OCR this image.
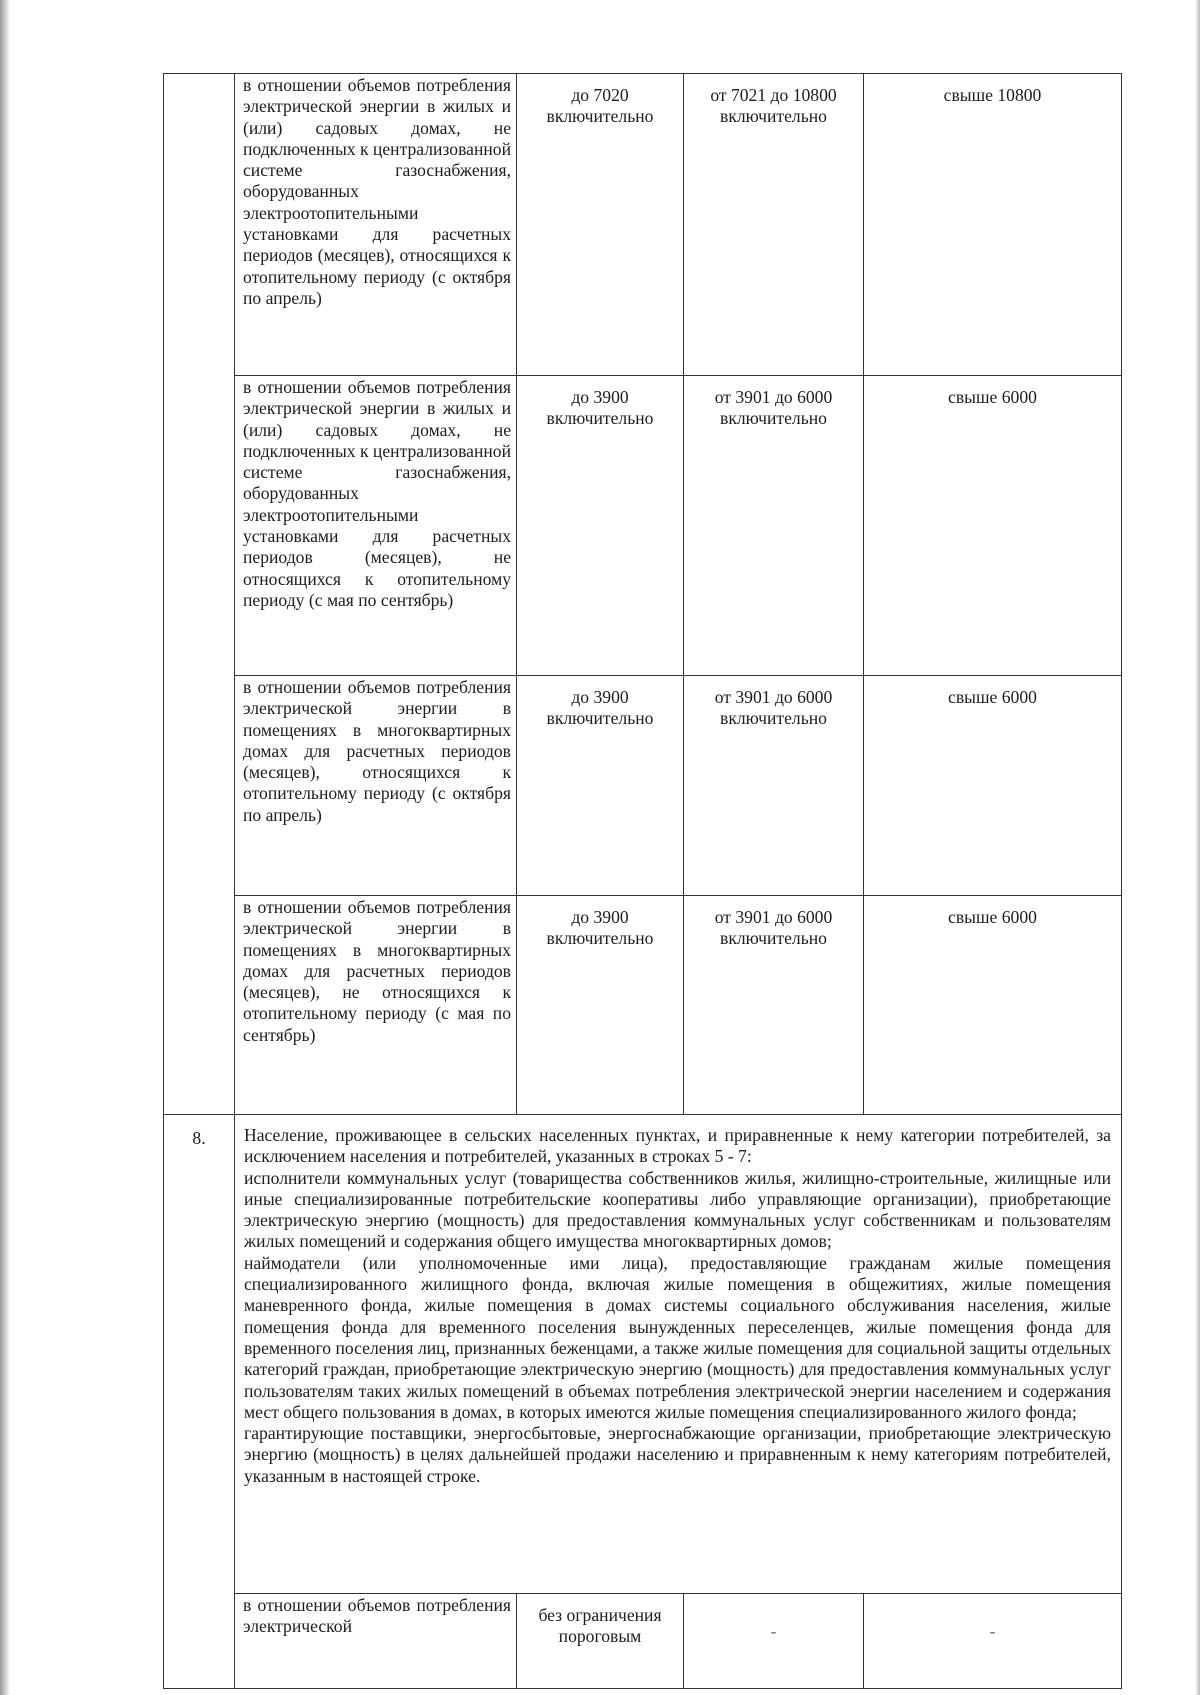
	в отношении объемов потребления электрической энергии в жилых и (или) садовых домах, не подключенных к централизованной системе газоснабжения, оборудованных электроотопительными установками для расчетных периодов (месяцев), относящихся к отопительному периоду (с октября по апрель)	до 7020 включительно	от 7021 до 10800 включительно	свыше 10800
	в отношении объемов потребления электрической энергии в жилых и (или) садовых домах, не подключенных к централизованной системе газоснабжения, оборудованных электроотопительными установками для расчетных периодов (месяцев), не относящихся к отопительному периоду (с мая по сентябрь)	до 3900 включительно	от 3901 до 6000 включительно	свыше 6000
	в отношении объемов потребления электрической энергии в помещениях в многоквартирных домах для расчетных периодов (месяцев), относящихся к отопительному периоду (с октября по апрель)	до 3900 включительно	от 3901 до 6000 включительно	свыше 6000
	в отношении объемов потребления электрической энергии в помещениях в многоквартирных домах для расчетных периодов (месяцев), не относящихся к отопительному периоду (с мая по сентябрь)	до 3900 включительно	от 3901 до 6000 включительно	свыше 6000

8.	Население, проживающее в сельских населенных пунктах, и приравненные к нему категории потребителей, за исключением населения и потребителей, указанных в строках 5 - 7:
исполнители коммунальных услуг (товарищества собственников жилья, жилищно-строительные, жилищные или иные специализированные потребительские кооперативы либо управляющие организации), приобретающие электрическую энергию (мощность) для предоставления коммунальных услуг собственникам и пользователям жилых помещений и содержания общего имущества многоквартирных домов;
наймодатели (или уполномоченные ими лица), предоставляющие гражданам жилые помещения специализированного жилищного фонда, включая жилые помещения в общежитиях, жилые помещения маневренного фонда, жилые помещения в домах системы социального обслуживания населения, жилые помещения фонда для временного поселения вынужденных переселенцев, жилые помещения фонда для временного поселения лиц, признанных беженцами, а также жилые помещения для социальной защиты отдельных категорий граждан, приобретающие электрическую энергию (мощность) для предоставления коммунальных услуг пользователям таких жилых помещений в объемах потребления электрической энергии населением и содержания мест общего пользования в домах, в которых имеются жилые помещения специализированного жилого фонда;
гарантирующие поставщики, энергосбытовые, энергоснабжающие организации, приобретающие электрическую энергию (мощность) в целях дальнейшей продажи населению и приравненным к нему категориям потребителей, указанным в настоящей строке.			

	в отношении объемов потребления электрической	без ограничения пороговым	-	-
